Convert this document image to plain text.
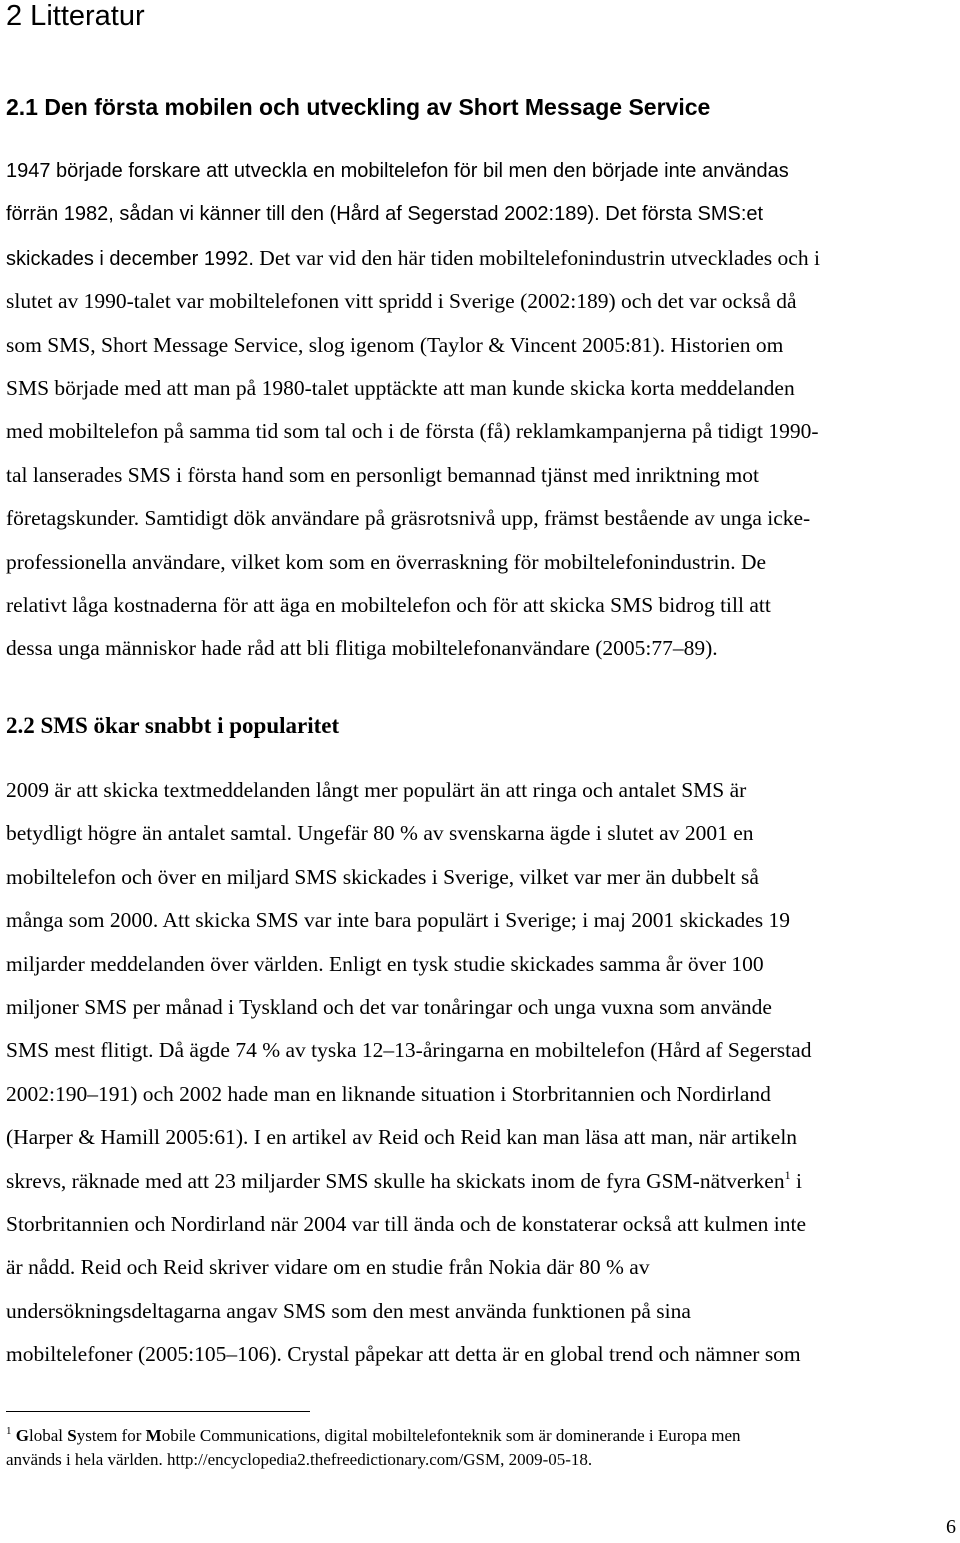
2 Litteratur
2.1 Den första mobilen och utveckling av Short Message Service
1947 började forskare att utveckla en mobiltelefon för bil men den började inte användas
förrän 1982, sådan vi känner till den (Hård af Segerstad 2002:189). Det första SMS:et
skickades i december 1992. Det var vid den här tiden mobiltelefonindustrin utvecklades och i
slutet av 1990-talet var mobiltelefonen vitt spridd i Sverige (2002:189) och det var också då
som SMS, Short Message Service, slog igenom (Taylor & Vincent 2005:81). Historien om
SMS började med att man på 1980-talet upptäckte att man kunde skicka korta meddelanden
med mobiltelefon på samma tid som tal och i de första (få) reklamkampanjerna på tidigt 1990-
tal lanserades SMS i första hand som en personligt bemannad tjänst med inriktning mot
företagskunder. Samtidigt dök användare på gräsrotsnivå upp, främst bestående av unga icke-
professionella användare, vilket kom som en överraskning för mobiltelefonindustrin. De
relativt låga kostnaderna för att äga en mobiltelefon och för att skicka SMS bidrog till att
dessa unga människor hade råd att bli flitiga mobiltelefonanvändare (2005:77–89).
2.2 SMS ökar snabbt i popularitet
2009 är att skicka textmeddelanden långt mer populärt än att ringa och antalet SMS är
betydligt högre än antalet samtal. Ungefär 80 % av svenskarna ägde i slutet av 2001 en
mobiltelefon och över en miljard SMS skickades i Sverige, vilket var mer än dubbelt så
många som 2000. Att skicka SMS var inte bara populärt i Sverige; i maj 2001 skickades 19
miljarder meddelanden över världen. Enligt en tysk studie skickades samma år över 100
miljoner SMS per månad i Tyskland och det var tonåringar och unga vuxna som använde
SMS mest flitigt. Då ägde 74 % av tyska 12–13-åringarna en mobiltelefon (Hård af Segerstad
2002:190–191) och 2002 hade man en liknande situation i Storbritannien och Nordirland
(Harper & Hamill 2005:61). I en artikel av Reid och Reid kan man läsa att man, när artikeln
skrevs, räknade med att 23 miljarder SMS skulle ha skickats inom de fyra GSM-nätverken$^1$ i
Storbritannien och Nordirland när 2004 var till ända och de konstaterar också att kulmen inte
är nådd. Reid och Reid skriver vidare om en studie från Nokia där 80 % av
undersökningsdeltagarna angav SMS som den mest använda funktionen på sina
mobiltelefoner (2005:105–106). Crystal påpekar att detta är en global trend och nämner som
$^1$ Global System for Mobile Communications, digital mobiltelefonteknik som är dominerande i Europa men
används i hela världen. http://encyclopedia2.thefreedictionary.com/GSM, 2009-05-18.
6
